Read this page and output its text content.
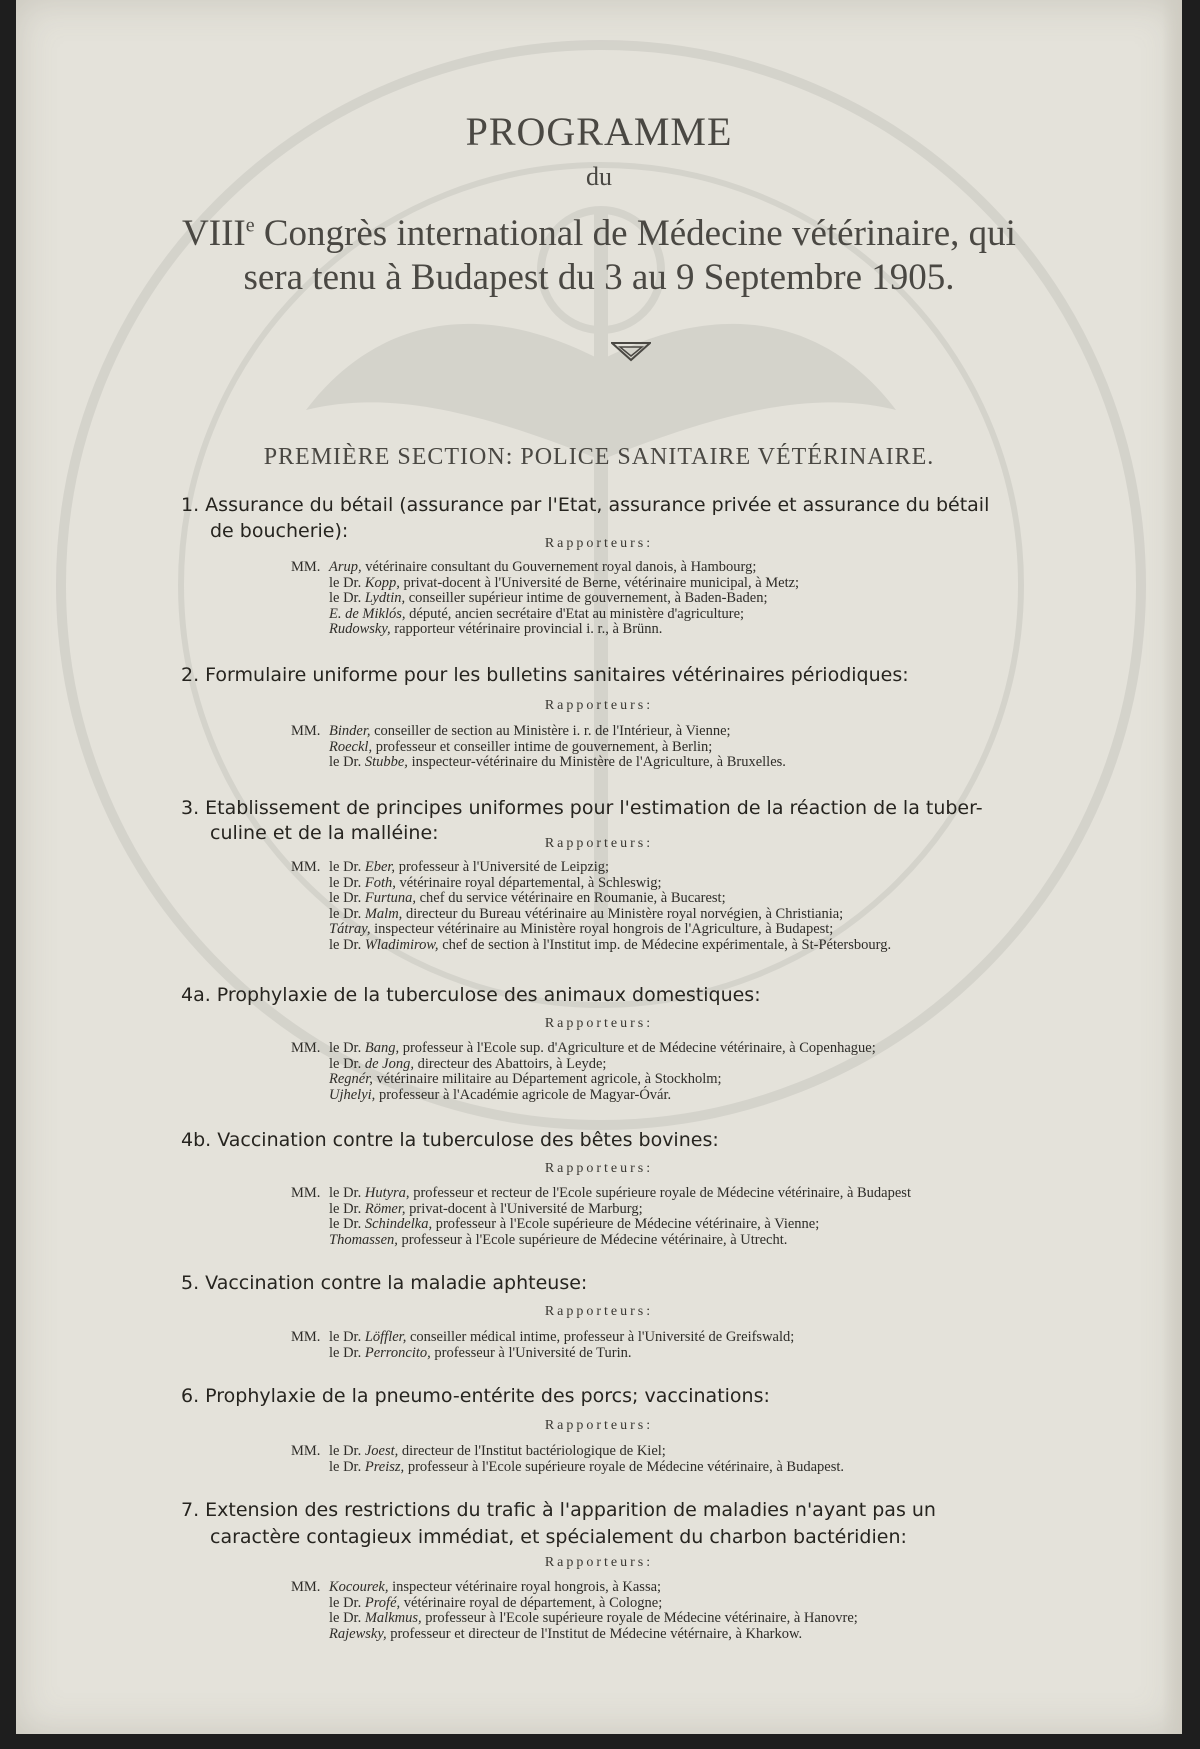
PROGRAMME
du
VIIIe Congrès international de Médecine vétérinaire, qui
sera tenu à Budapest du 3 au 9 Septembre 1905.
PREMIÈRE SECTION: POLICE SANITAIRE VÉTÉRINAIRE.
1. Assurance du bétail (assurance par l'Etat, assurance privée et assurance du bétail
de boucherie):
Rapporteurs:
MM. Arup, vétérinaire consultant du Gouvernement royal danois, à Hambourg;
le Dr. Kopp, privat-docent à l'Université de Berne, vétérinaire municipal, à Metz;
le Dr. Lydtin, conseiller supérieur intime de gouvernement, à Baden-Baden;
E. de Miklós, député, ancien secrétaire d'Etat au ministère d'agriculture;
Rudowsky, rapporteur vétérinaire provincial i. r., à Brünn.
2. Formulaire uniforme pour les bulletins sanitaires vétérinaires périodiques:
Rapporteurs:
MM. Binder, conseiller de section au Ministère i. r. de l'Intérieur, à Vienne;
Roeckl, professeur et conseiller intime de gouvernement, à Berlin;
le Dr. Stubbe, inspecteur-vétérinaire du Ministère de l'Agriculture, à Bruxelles.
3. Etablissement de principes uniformes pour l'estimation de la réaction de la tuber-
culine et de la malléine:	Rapporteurs:
MM. le Dr. Eber, professeur à l'Université de Leipzig;
le Dr. Foth, vétérinaire royal départemental, à Schleswig;
le Dr. Furtuna, chef du service vétérinaire en Roumanie, à Bucarest;
le Dr. Malm, directeur du Bureau vétérinaire au Ministère royal norvégien, à Christiania;
Tátray, inspecteur vétérinaire au Ministère royal hongrois de l'Agriculture, à Budapest;
le Dr. Wladimirow, chef de section à l'Institut imp. de Médecine expérimentale, à St-Pétersbourg.
4a. Prophylaxie de la tuberculose des animaux domestiques:
Rapporteurs:
MM. le Dr. Bang, professeur à l'Ecole sup. d'Agriculture et de Médecine vétérinaire, à Copenhague;
le Dr. de Jong, directeur des Abattoirs, à Leyde;
Regnér, vétérinaire militaire au Département agricole, à Stockholm;
Ujhelyi, professeur à l'Académie agricole de Magyar-Óvár.
4b. Vaccination contre la tuberculose des bêtes bovines:
Rapporteurs:
MM. le Dr. Hutyra, professeur et recteur de l'Ecole supérieure royale de Médecine vétérinaire, à Budapest
le Dr. Römer, privat-docent à l'Université de Marburg;
le Dr. Schindelka, professeur à l'Ecole supérieure de Médecine vétérinaire, à Vienne;
Thomassen, professeur à l'Ecole supérieure de Médecine vétérinaire, à Utrecht.
5. Vaccination contre la maladie aphteuse:
Rapporteurs:
MM. le Dr. Löffler, conseiller médical intime, professeur à l'Université de Greifswald;
le Dr. Perroncito, professeur à l'Université de Turin.
6. Prophylaxie de la pneumo-entérite des porcs; vaccinations:
Rapporteurs:
MM. le Dr. Joest, directeur de l'Institut bactériologique de Kiel;
le Dr. Preisz, professeur à l'Ecole supérieure royale de Médecine vétérinaire, à Budapest.
7. Extension des restrictions du trafic à l'apparition de maladies n'ayant pas un
caractère contagieux immédiat, et spécialement du charbon bactéridien:
Rapporteurs:
MM. Kocourek, inspecteur vétérinaire royal hongrois, à Kassa;
le Dr. Profé, vétérinaire royal de département, à Cologne;
le Dr. Malkmus, professeur à l'Ecole supérieure royale de Médecine vétérinaire, à Hanovre;
Rajewsky, professeur et directeur de l'Institut de Médecine vétérnaire, à Kharkow.
